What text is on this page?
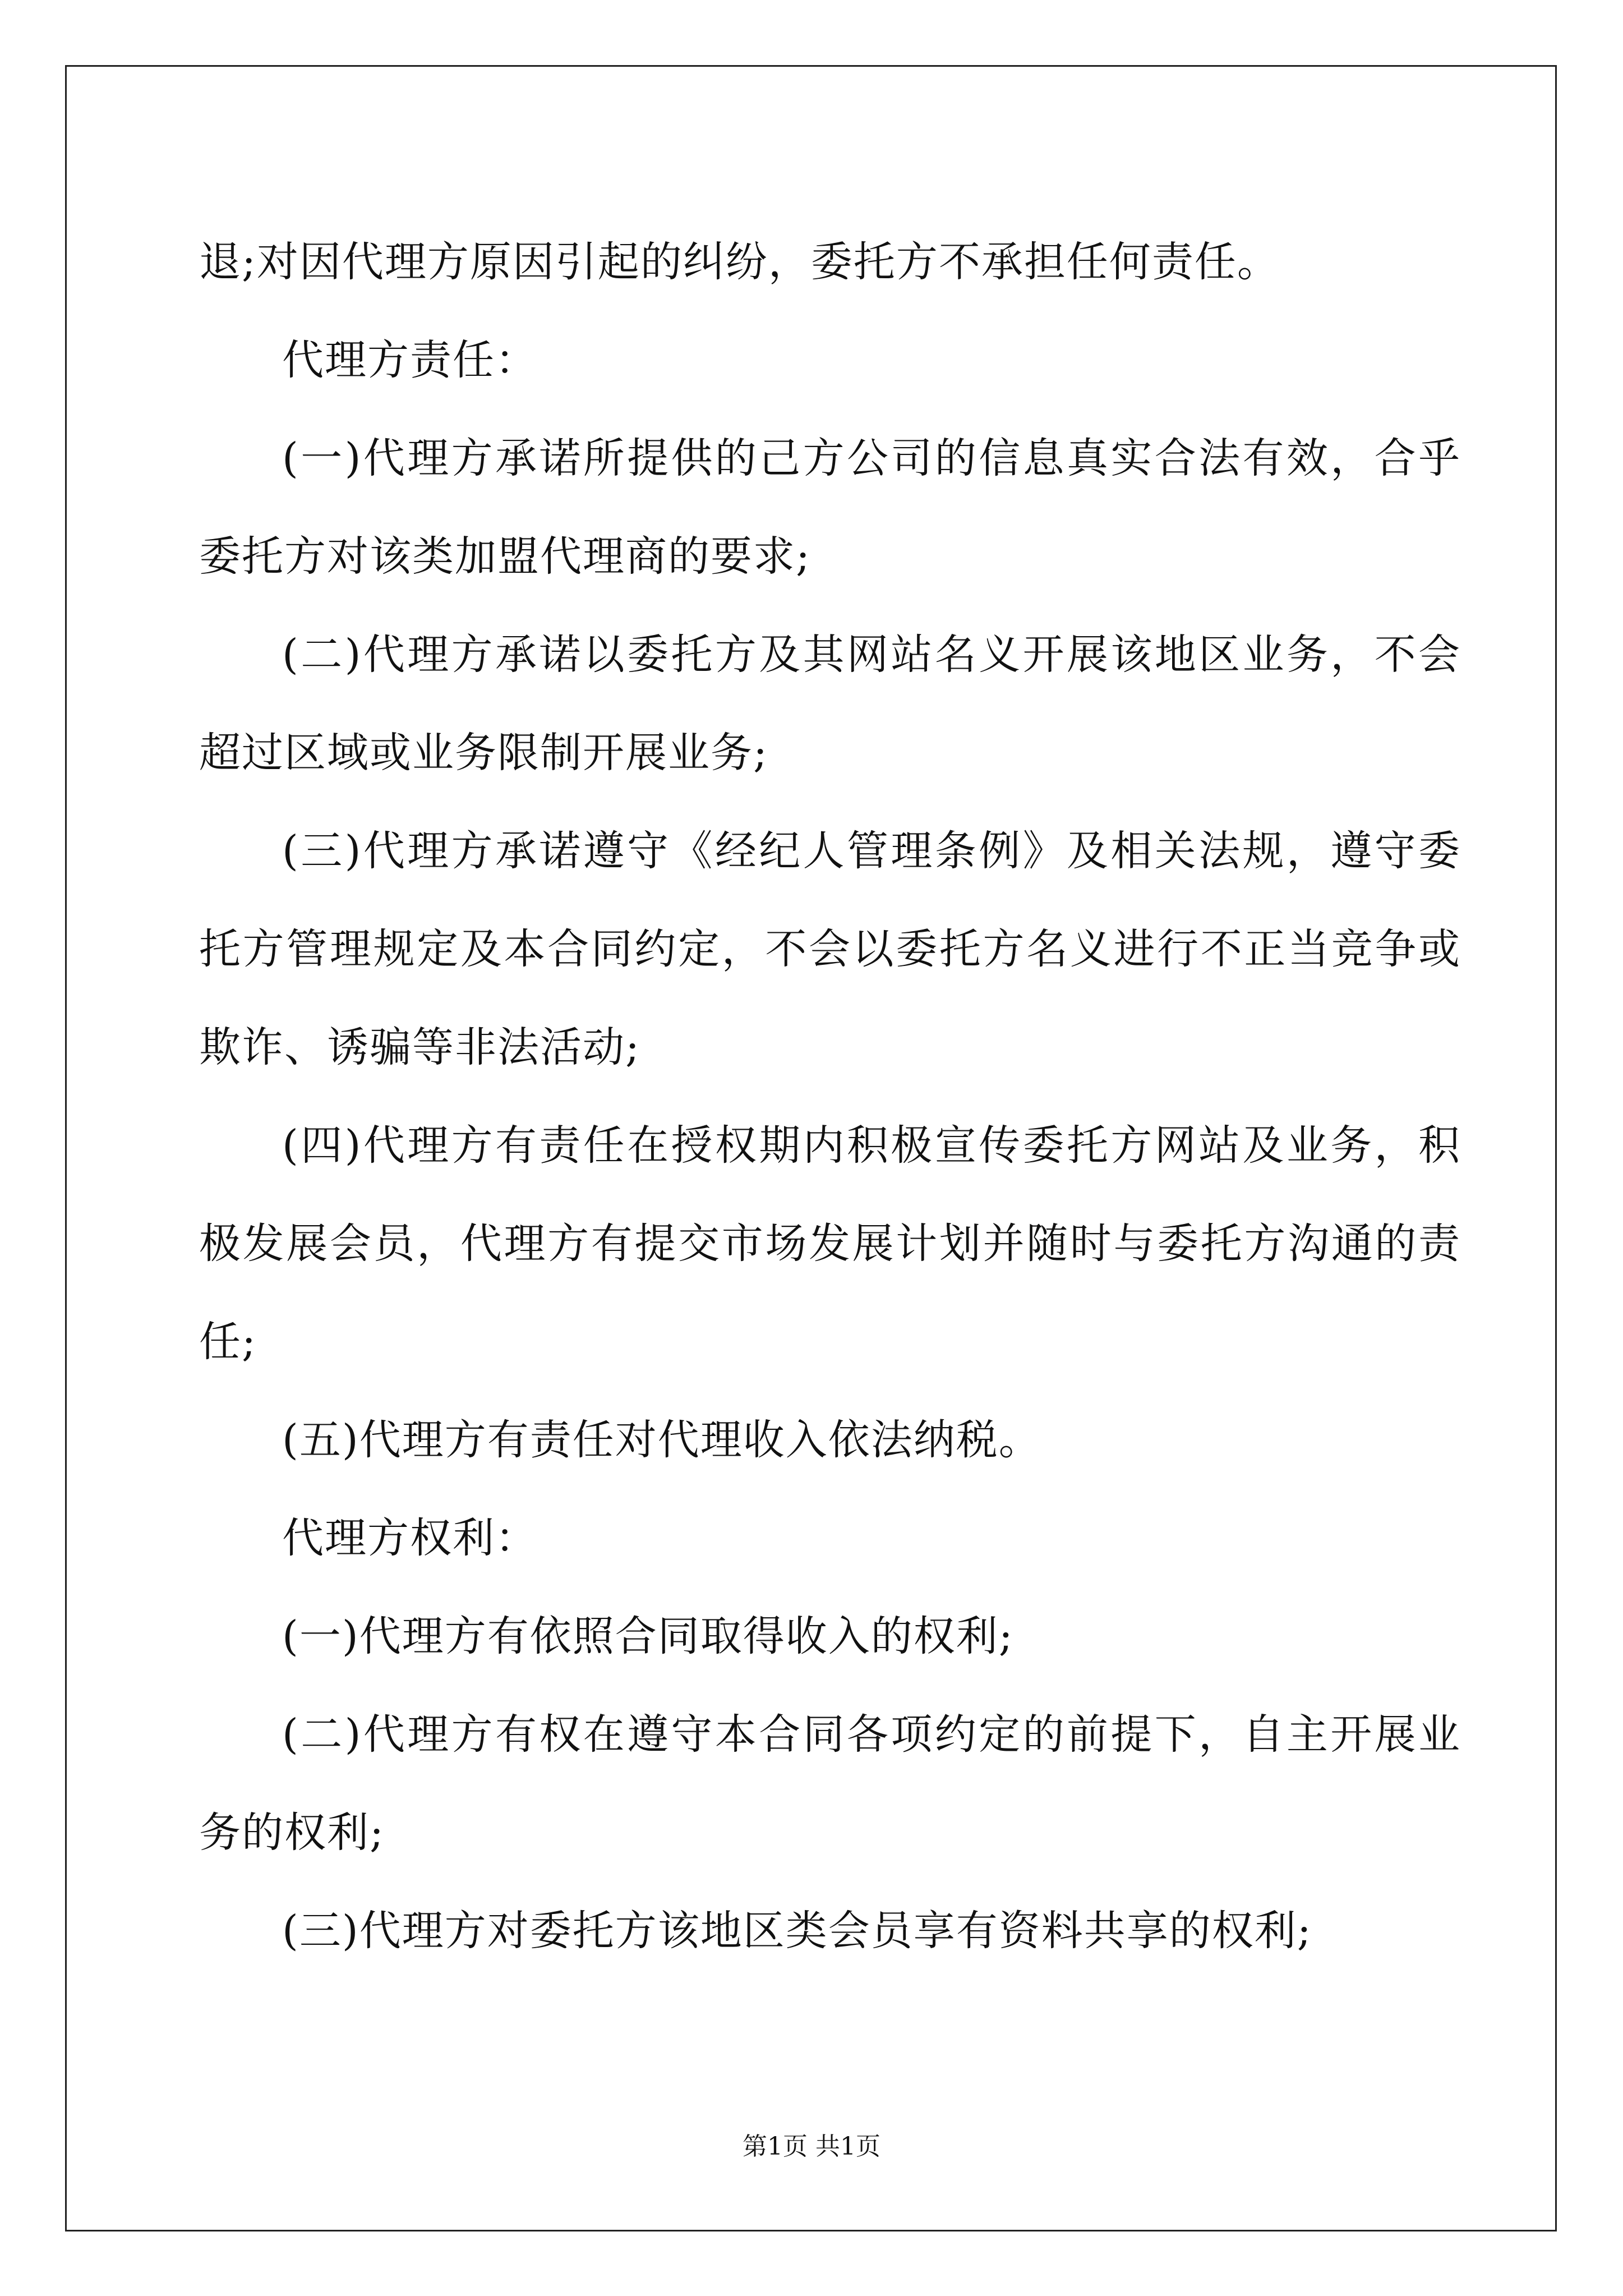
退;对因代理方原因引起的纠纷，委托方不承担任何责任。

代理方责任：

(一)代理方承诺所提供的己方公司的信息真实合法有效，合乎委托方对该类加盟代理商的要求;

(二)代理方承诺以委托方及其网站名义开展该地区业务，不会超过区域或业务限制开展业务;

(三)代理方承诺遵守《经纪人管理条例》及相关法规，遵守委托方管理规定及本合同约定，不会以委托方名义进行不正当竞争或欺诈、诱骗等非法活动;

(四)代理方有责任在授权期内积极宣传委托方网站及业务，积极发展会员，代理方有提交市场发展计划并随时与委托方沟通的责任;

(五)代理方有责任对代理收入依法纳税。

代理方权利：

(一)代理方有依照合同取得收入的权利;

(二)代理方有权在遵守本合同各项约定的前提下，自主开展业务的权利;

(三)代理方对委托方该地区类会员享有资料共享的权利;

第1页 共1页
